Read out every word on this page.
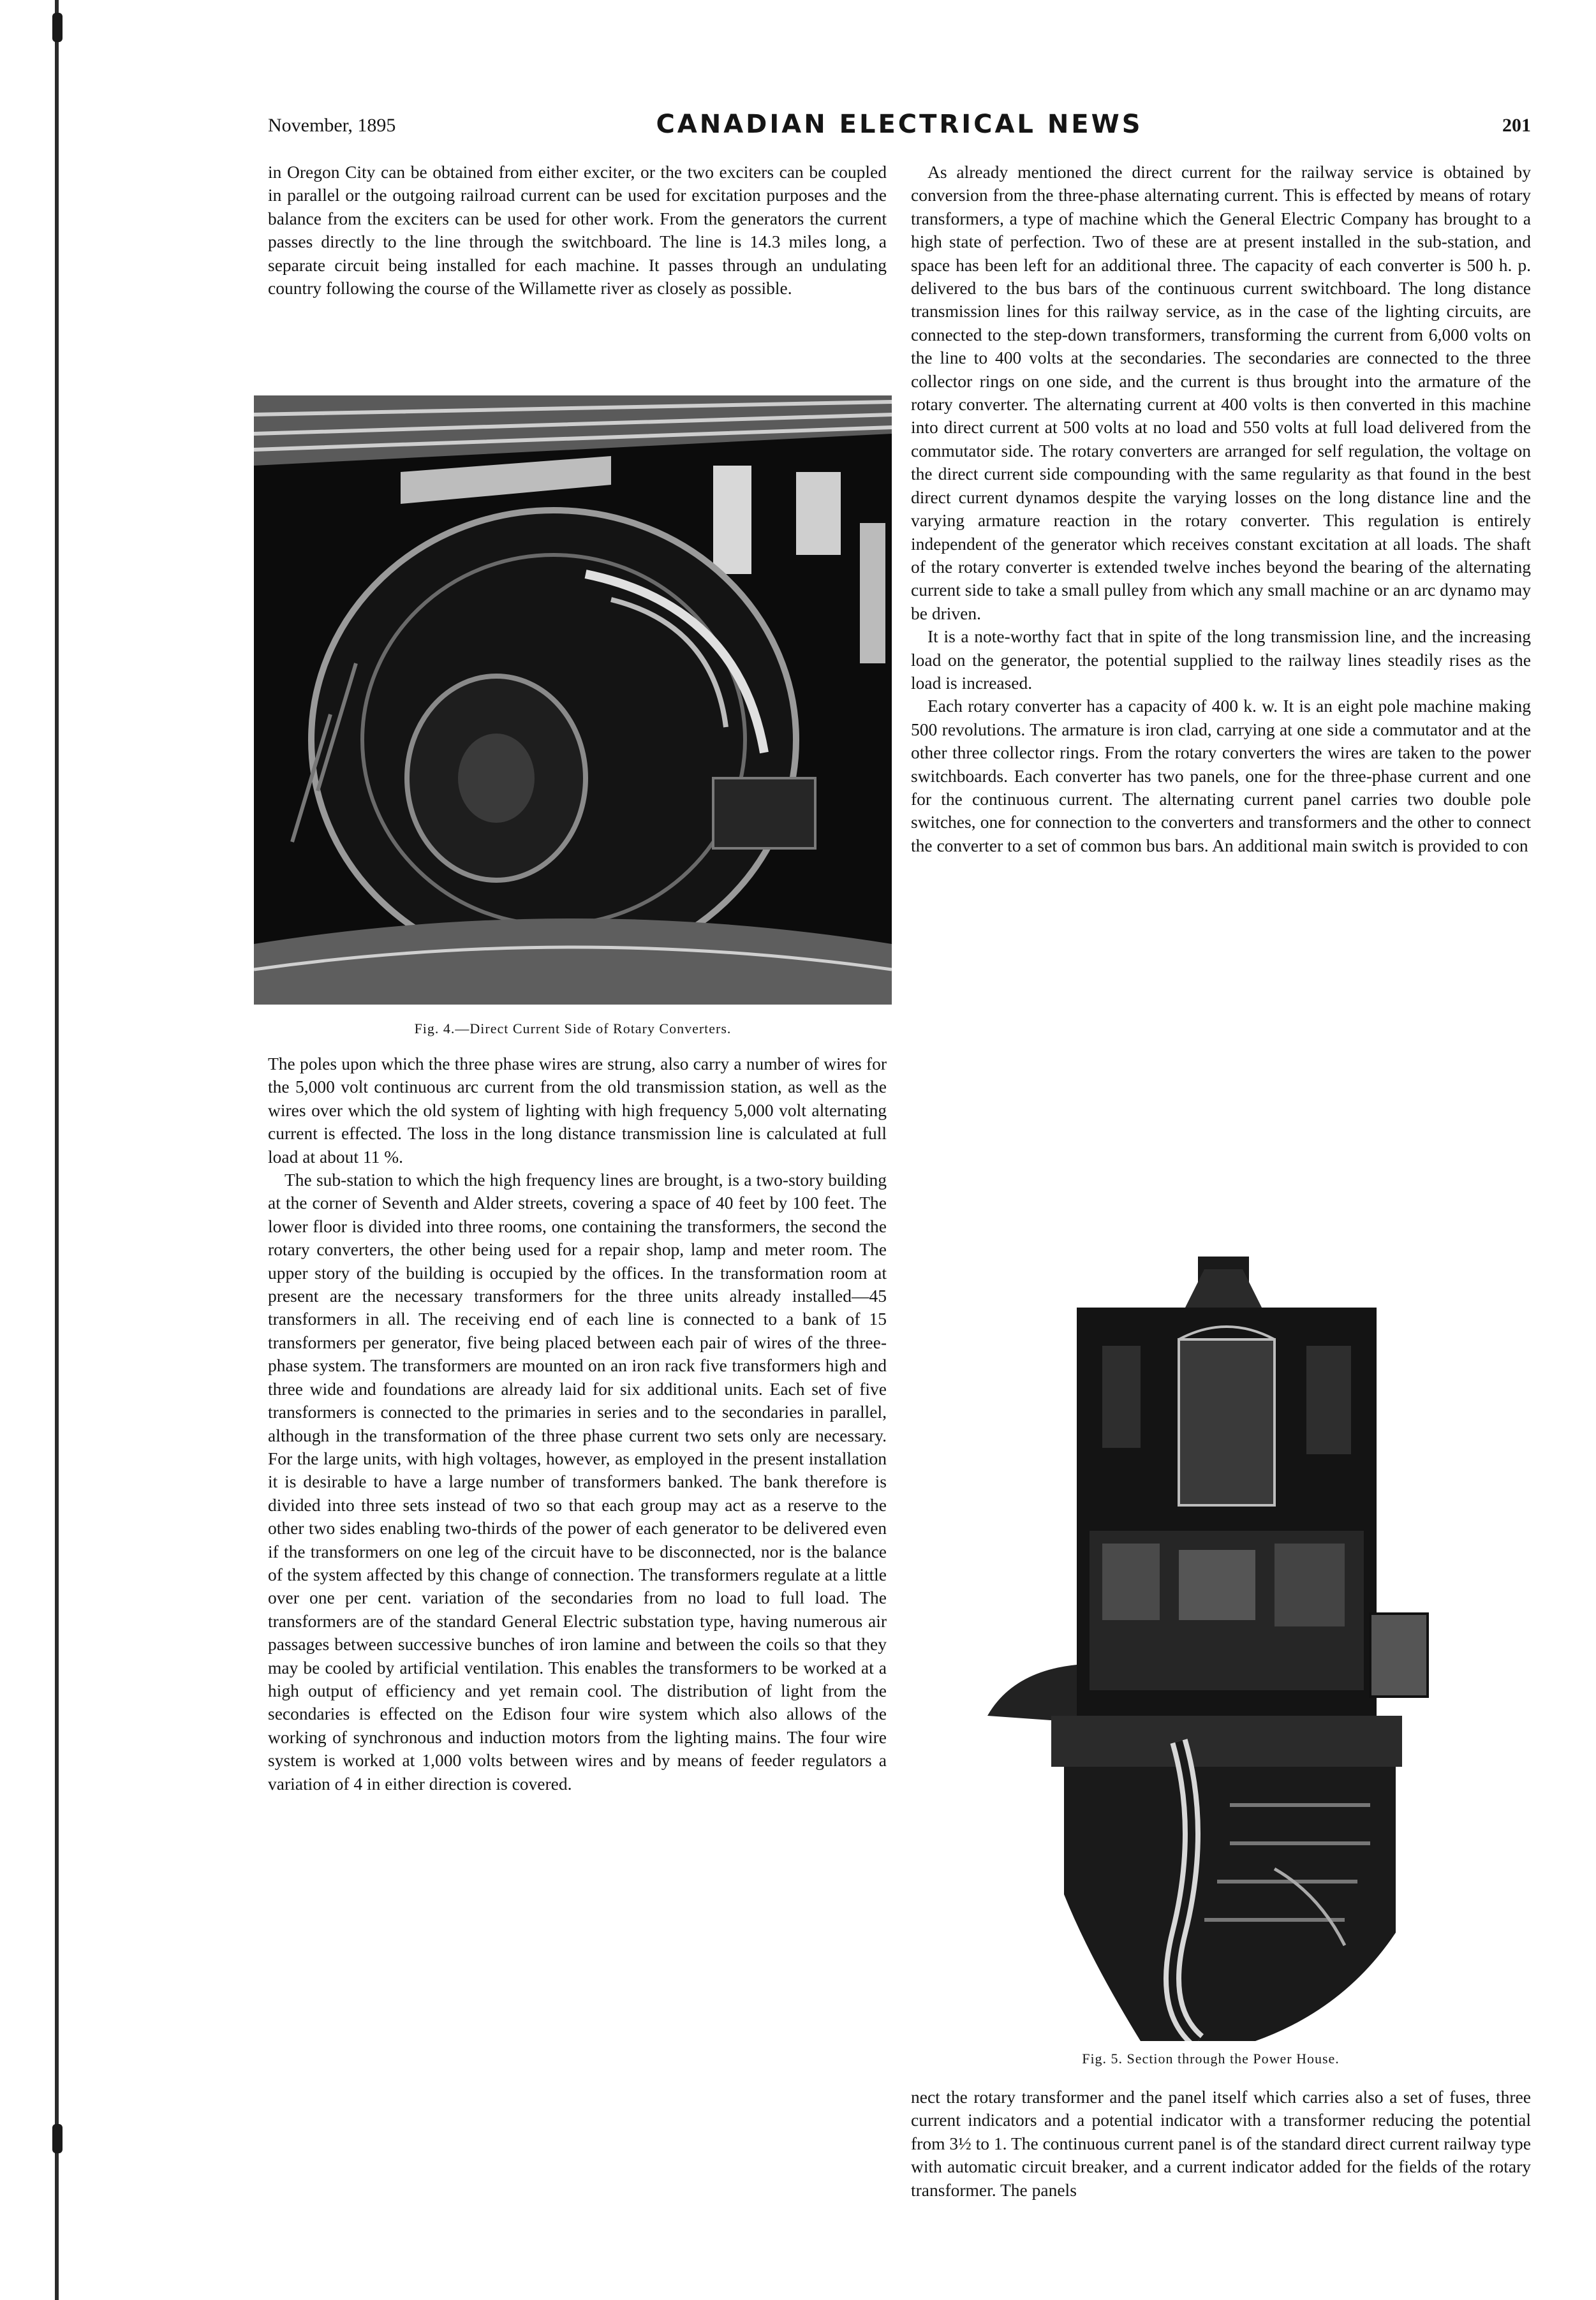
November, 1895	CANADIAN ELECTRICAL NEWS	201

in Oregon City can be obtained from either exciter, or the two exciters can be coupled in parallel or the outgoing railroad current can be used for excitation purposes and the balance from the exciters can be used for other work. From the generators the current passes directly to the line through the switchboard. The line is 14.3 miles long, a separate circuit being installed for each machine. It passes through an undulating country following the course of the Willamette river as closely as possible.

Fig. 4.—Direct Current Side of Rotary Converters.

The poles upon which the three phase wires are strung, also carry a number of wires for the 5,000 volt continuous arc current from the old transmission station, as well as the wires over which the old system of lighting with high frequency 5,000 volt alternating current is effected. The loss in the long distance transmission line is calculated at full load at about 11 %.

The sub-station to which the high frequency lines are brought, is a two-story building at the corner of Seventh and Alder streets, covering a space of 40 feet by 100 feet. The lower floor is divided into three rooms, one containing the transformers, the second the rotary converters, the other being used for a repair shop, lamp and meter room. The upper story of the building is occupied by the offices. In the transformation room at present are the necessary transformers for the three units already installed—45 transformers in all. The receiving end of each line is connected to a bank of 15 transformers per generator, five being placed between each pair of wires of the three-phase system. The transformers are mounted on an iron rack five transformers high and three wide and foundations are already laid for six additional units. Each set of five transformers is connected to the primaries in series and to the secondaries in parallel, although in the transformation of the three phase current two sets only are necessary. For the large units, with high voltages, however, as employed in the present installation it is desirable to have a large number of transformers banked. The bank therefore is divided into three sets instead of two so that each group may act as a reserve to the other two sides enabling two-thirds of the power of each generator to be delivered even if the transformers on one leg of the circuit have to be disconnected, nor is the balance of the system affected by this change of connection. The transformers regulate at a little over one per cent. variation of the secondaries from no load to full load. The transformers are of the standard General Electric substation type, having numerous air passages between successive bunches of iron lamine and between the coils so that they may be cooled by artificial ventilation. This enables the transformers to be worked at a high output of efficiency and yet remain cool. The distribution of light from the secondaries is effected on the Edison four wire system which also allows of the working of synchronous and induction motors from the lighting mains. The four wire system is worked at 1,000 volts between wires and by means of feeder regulators a variation of 4 in either direction is covered.

As already mentioned the direct current for the railway service is obtained by conversion from the three-phase alternating current. This is effected by means of rotary transformers, a type of machine which the General Electric Company has brought to a high state of perfection. Two of these are at present installed in the sub-station, and space has been left for an additional three. The capacity of each converter is 500 h. p. delivered to the bus bars of the continuous current switchboard. The long distance transmission lines for this railway service, as in the case of the lighting circuits, are connected to the step-down transformers, transforming the current from 6,000 volts on the line to 400 volts at the secondaries. The secondaries are connected to the three collector rings on one side, and the current is thus brought into the armature of the rotary converter. The alternating current at 400 volts is then converted in this machine into direct current at 500 volts at no load and 550 volts at full load delivered from the commutator side. The rotary converters are arranged for self regulation, the voltage on the direct current side compounding with the same regularity as that found in the best direct current dynamos despite the varying losses on the long distance line and the varying armature reaction in the rotary converter. This regulation is entirely independent of the generator which receives constant excitation at all loads. The shaft of the rotary converter is extended twelve inches beyond the bearing of the alternating current side to take a small pulley from which any small machine or an arc dynamo may be driven.

It is a note-worthy fact that in spite of the long transmission line, and the increasing load on the generator, the potential supplied to the railway lines steadily rises as the load is increased.

Each rotary converter has a capacity of 400 k. w. It is an eight pole machine making 500 revolutions. The armature is iron clad, carrying at one side a commutator and at the other three collector rings. From the rotary converters the wires are taken to the power switchboards. Each converter has two panels, one for the three-phase current and one for the continuous current. The alternating current panel carries two double pole switches, one for connection to the converters and transformers and the other to connect the converter to a set of common bus bars. An additional main switch is provided to con

Fig. 5. Section through the Power House.

nect the rotary transformer and the panel itself which carries also a set of fuses, three current indicators and a potential indicator with a transformer reducing the potential from 3½ to 1. The continuous current panel is of the standard direct current railway type with automatic circuit breaker, and a current indicator added for the fields of the rotary transformer. The panels
